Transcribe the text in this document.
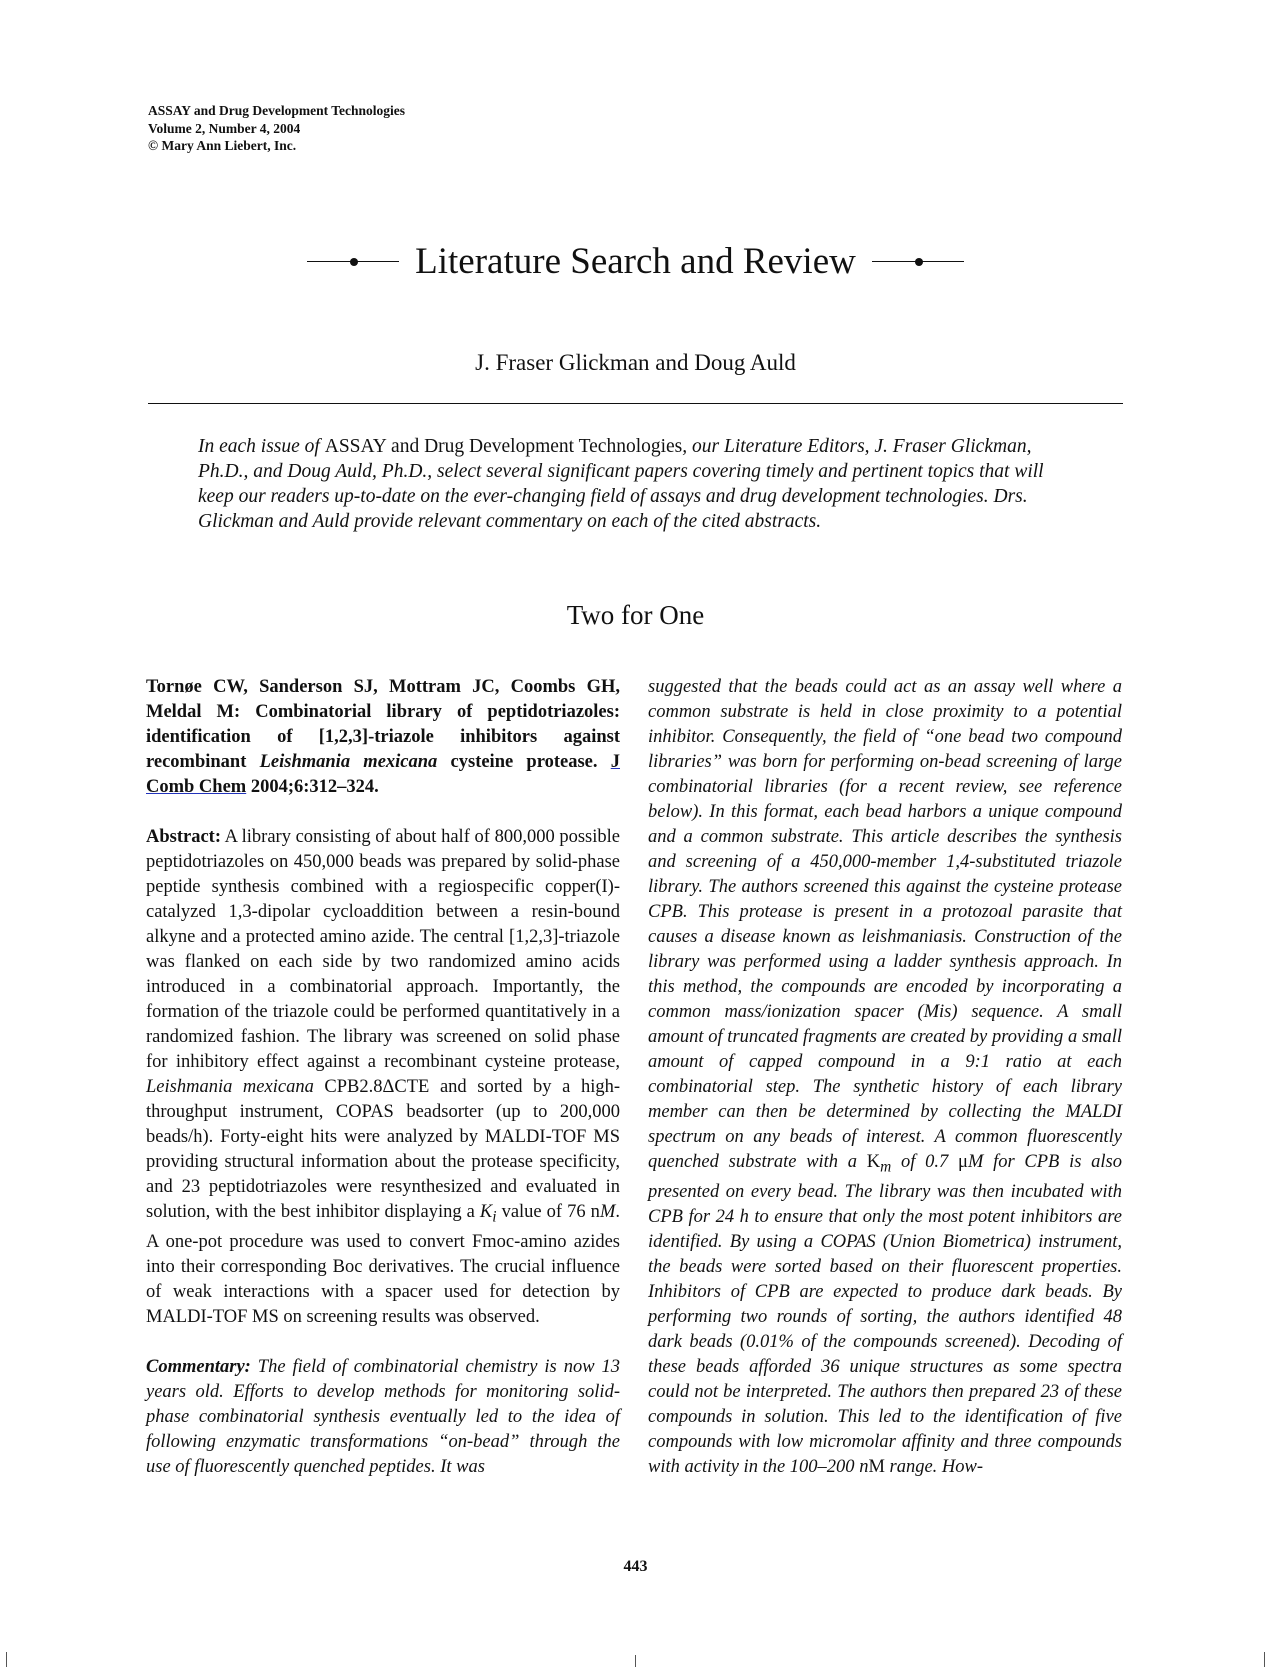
ASSAY and Drug Development Technologies
Volume 2, Number 4, 2004
© Mary Ann Liebert, Inc.
Literature Search and Review
J. Fraser Glickman and Doug Auld
In each issue of ASSAY and Drug Development Technologies, our Literature Editors, J. Fraser Glickman, Ph.D., and Doug Auld, Ph.D., select several significant papers covering timely and pertinent topics that will keep our readers up-to-date on the ever-changing field of assays and drug development technologies. Drs. Glickman and Auld provide relevant commentary on each of the cited abstracts.
Two for One

Tornøe CW, Sanderson SJ, Mottram JC, Coombs GH, Meldal M: Combinatorial library of peptidotriazoles: identification of [1,2,3]-triazole inhibitors against recombinant Leishmania mexicana cysteine protease. J Comb Chem 2004;6:312–324.

Abstract: A library consisting of about half of 800,000 possible peptidotriazoles on 450,000 beads was prepared by solid-phase peptide synthesis combined with a regiospecific copper(I)-catalyzed 1,3-dipolar cycloaddition between a resin-bound alkyne and a protected amino azide. The central [1,2,3]-triazole was flanked on each side by two randomized amino acids introduced in a combinatorial approach. Importantly, the formation of the triazole could be performed quantitatively in a randomized fashion. The library was screened on solid phase for inhibitory effect against a recombinant cysteine protease, Leishmania mexicana CPB2.8ΔCTE and sorted by a high-throughput instrument, COPAS beadsorter (up to 200,000 beads/h). Forty-eight hits were analyzed by MALDI-TOF MS providing structural information about the protease specificity, and 23 peptidotriazoles were resynthesized and evaluated in solution, with the best inhibitor displaying a $K_i$ value of 76 nM. A one-pot procedure was used to convert Fmoc-amino azides into their corresponding Boc derivatives. The crucial influence of weak interactions with a spacer used for detection by MALDI-TOF MS on screening results was observed.

Commentary: The field of combinatorial chemistry is now 13 years old. Efforts to develop methods for monitoring solid-phase combinatorial synthesis eventually led to the idea of following enzymatic transformations “on-bead” through the use of fluorescently quenched peptides. It was

suggested that the beads could act as an assay well where a common substrate is held in close proximity to a potential inhibitor. Consequently, the field of “one bead two compound libraries” was born for performing on-bead screening of large combinatorial libraries (for a recent review, see reference below). In this format, each bead harbors a unique compound and a common substrate. This article describes the synthesis and screening of a 450,000-member 1,4-substituted triazole library. The authors screened this against the cysteine protease CPB. This protease is present in a protozoal parasite that causes a disease known as leishmaniasis. Construction of the library was performed using a ladder synthesis approach. In this method, the compounds are encoded by incorporating a common mass/ionization spacer (Mis) sequence. A small amount of truncated fragments are created by providing a small amount of capped compound in a 9:1 ratio at each combinatorial step. The synthetic history of each library member can then be determined by collecting the MALDI spectrum on any beads of interest. A common fluorescently quenched substrate with a $K_m$ of 0.7 μM for CPB is also presented on every bead. The library was then incubated with CPB for 24 h to ensure that only the most potent inhibitors are identified. By using a COPAS (Union Biometrica) instrument, the beads were sorted based on their fluorescent properties. Inhibitors of CPB are expected to produce dark beads. By performing two rounds of sorting, the authors identified 48 dark beads (0.01% of the compounds screened). Decoding of these beads afforded 36 unique structures as some spectra could not be interpreted. The authors then prepared 23 of these compounds in solution. This led to the identification of five compounds with low micromolar affinity and three compounds with activity in the 100–200 nM range. How-

443
